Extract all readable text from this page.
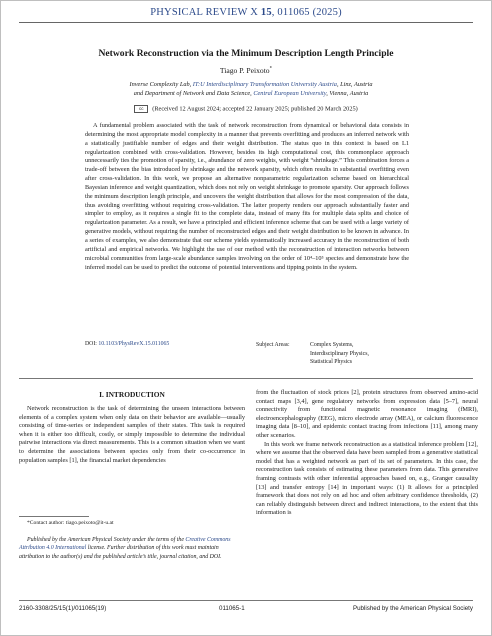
PHYSICAL REVIEW X 15, 011065 (2025)
Network Reconstruction via the Minimum Description Length Principle
Tiago P. Peixoto*
Inverse Complexity Lab, IT:U Interdisciplinary Transformation University Austria, Linz, Austria
and Department of Network and Data Science, Central European University, Vienna, Austria
cc (Received 12 August 2024; accepted 22 January 2025; published 20 March 2025)
A fundamental problem associated with the task of network reconstruction from dynamical or behavioral data consists in determining the most appropriate model complexity in a manner that prevents overfitting and produces an inferred network with a statistically justifiable number of edges and their weight distribution. The status quo in this context is based on L1 regularization combined with cross-validation. However, besides its high computational cost, this commonplace approach unnecessarily ties the promotion of sparsity, i.e., abundance of zero weights, with weight “shrinkage.” This combination forces a trade-off between the bias introduced by shrinkage and the network sparsity, which often results in substantial overfitting even after cross-validation. In this work, we propose an alternative nonparametric regularization scheme based on hierarchical Bayesian inference and weight quantization, which does not rely on weight shrinkage to promote sparsity. Our approach follows the minimum description length principle, and uncovers the weight distribution that allows for the most compression of the data, thus avoiding overfitting without requiring cross-validation. The latter property renders our approach substantially faster and simpler to employ, as it requires a single fit to the complete data, instead of many fits for multiple data splits and choice of regularization parameter. As a result, we have a principled and efficient inference scheme that can be used with a large variety of generative models, without requiring the number of reconstructed edges and their weight distribution to be known in advance. In a series of examples, we also demonstrate that our scheme yields systematically increased accuracy in the reconstruction of both artificial and empirical networks. We highlight the use of our method with the reconstruction of interaction networks between microbial communities from large-scale abundance samples involving on the order of 10⁴–10⁵ species and demonstrate how the inferred model can be used to predict the outcome of potential interventions and tipping points in the system.
DOI: 10.1103/PhysRevX.15.011065	Subject Areas:	Complex Systems,
Interdisciplinary Physics,
Statistical Physics
I. INTRODUCTION
Network reconstruction is the task of determining the unseen interactions between elements of a complex system when only data on their behavior are available—usually consisting of time-series or independent samples of their states. This task is required when it is either too difficult, costly, or simply impossible to determine the individual pairwise interactions via direct measurements. This is a common situation when we want to determine the associations between species only from their co-occurrence in population samples [1], the financial market dependencies

from the fluctuation of stock prices [2], protein structures from observed amino-acid contact maps [3,4], gene regulatory networks from expression data [5–7], neural connectivity from functional magnetic resonance imaging (fMRI), electroencephalography (EEG), micro electrode array (MEA), or calcium fluorescence imaging data [8–10], and epidemic contact tracing from infections [11], among many other scenarios.

In this work we frame network reconstruction as a statistical inference problem [12], where we assume that the observed data have been sampled from a generative statistical model that has a weighted network as part of its set of parameters. In this case, the reconstruction task consists of estimating these parameters from data. This generative framing contrasts with other inferential approaches based on, e.g., Granger causality [13] and transfer entropy [14] in important ways: (1) It allows for a principled framework that does not rely on ad hoc and often arbitrary confidence thresholds, (2) can reliably distinguish between direct and indirect interactions, to the extent that this information is

*Contact author: tiago.peixoto@it-u.at
Published by the American Physical Society under the terms of the Creative Commons Attribution 4.0 International license. Further distribution of this work must maintain attribution to the author(s) and the published article’s title, journal citation, and DOI.
2160-3308/25/15(1)/011065(19)	011065-1	Published by the American Physical Society
